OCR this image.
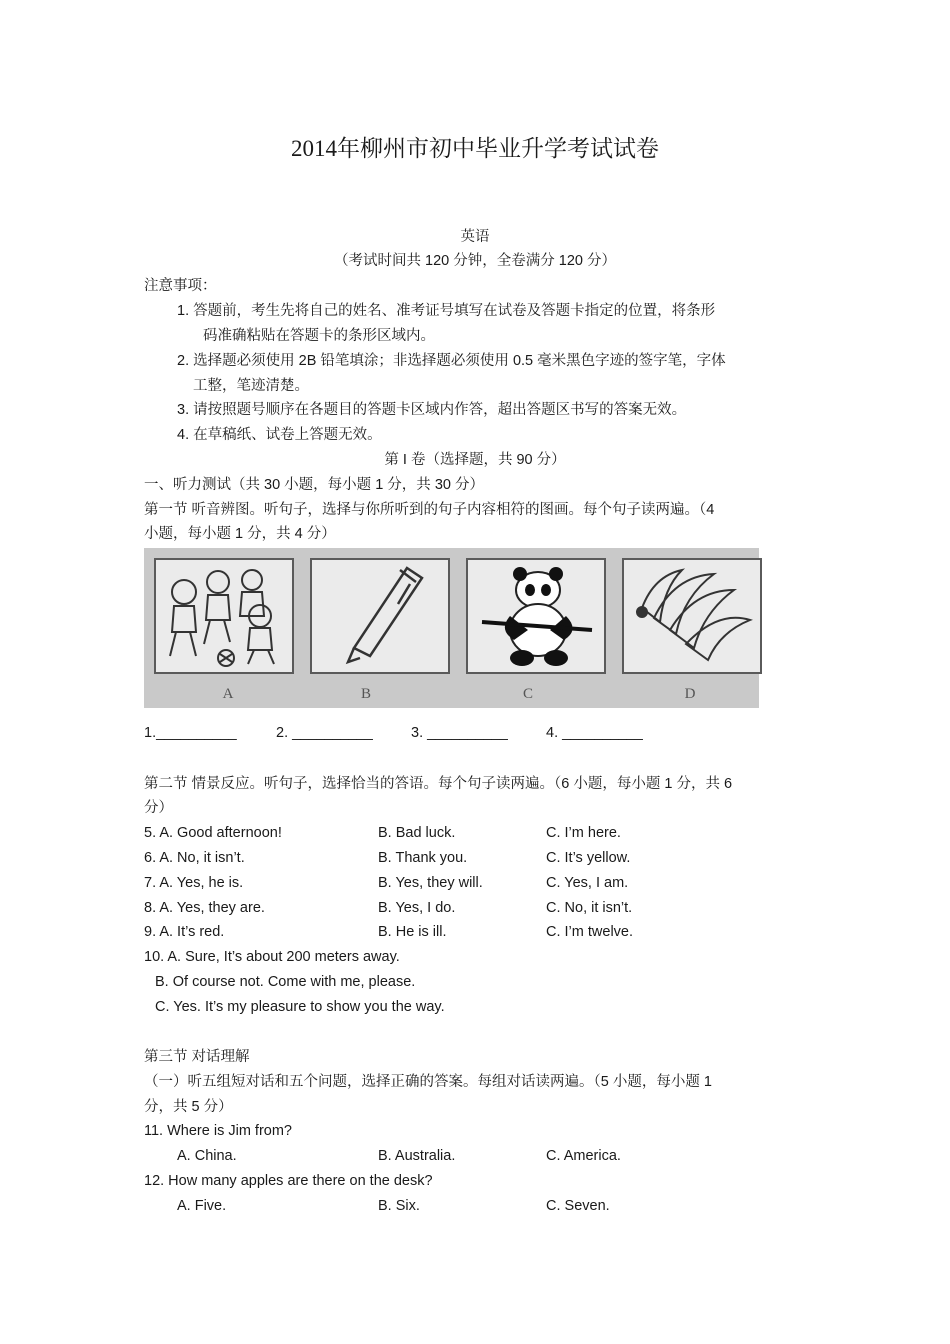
2014年柳州市初中毕业升学考试试卷
英语
（考试时间共 120 分钟，全卷满分 120 分）
注意事项：
1. 答题前，考生先将自己的姓名、准考证号填写在试卷及答题卡指定的位置，将条形
码准确粘贴在答题卡的条形区域内。
2. 选择题必须使用 2B 铅笔填涂；非选择题必须使用 0.5 毫米黑色字迹的签字笔，字体
工整，笔迹清楚。
3. 请按照题号顺序在各题目的答题卡区域内作答，超出答题区书写的答案无效。
4. 在草稿纸、试卷上答题无效。
第 I 卷（选择题，共 90 分）
一、听力测试（共 30 小题，每小题 1 分，共 30 分）
第一节 听音辨图。听句子，选择与你所听到的句子内容相符的图画。每个句子读两遍。（4
小题，每小题 1 分，共 4 分）
A	B	C	D
1.__________	2. __________	3. __________	4. __________
第二节 情景反应。听句子，选择恰当的答语。每个句子读两遍。（6 小题，每小题 1 分，共 6
分）
5. A. Good afternoon!	B. Bad luck.	C. I’m here.
6. A. No, it isn’t.	B. Thank you.	C. It’s yellow.
7. A. Yes, he is.	B. Yes, they will.	C. Yes, I am.
8. A. Yes, they are.	B. Yes, I do.	C. No, it isn’t.
9. A. It’s red.	B. He is ill.	C. I’m twelve.
10. A. Sure, It’s about 200 meters away.
B. Of course not. Come with me, please.
C. Yes. It’s my pleasure to show you the way.
第三节 对话理解
（一）听五组短对话和五个问题，选择正确的答案。每组对话读两遍。（5 小题，每小题 1
分，共 5 分）
11. Where is Jim from?
A. China.	B. Australia.	C. America.
12. How many apples are there on the desk?
A. Five.	B. Six.	C. Seven.
